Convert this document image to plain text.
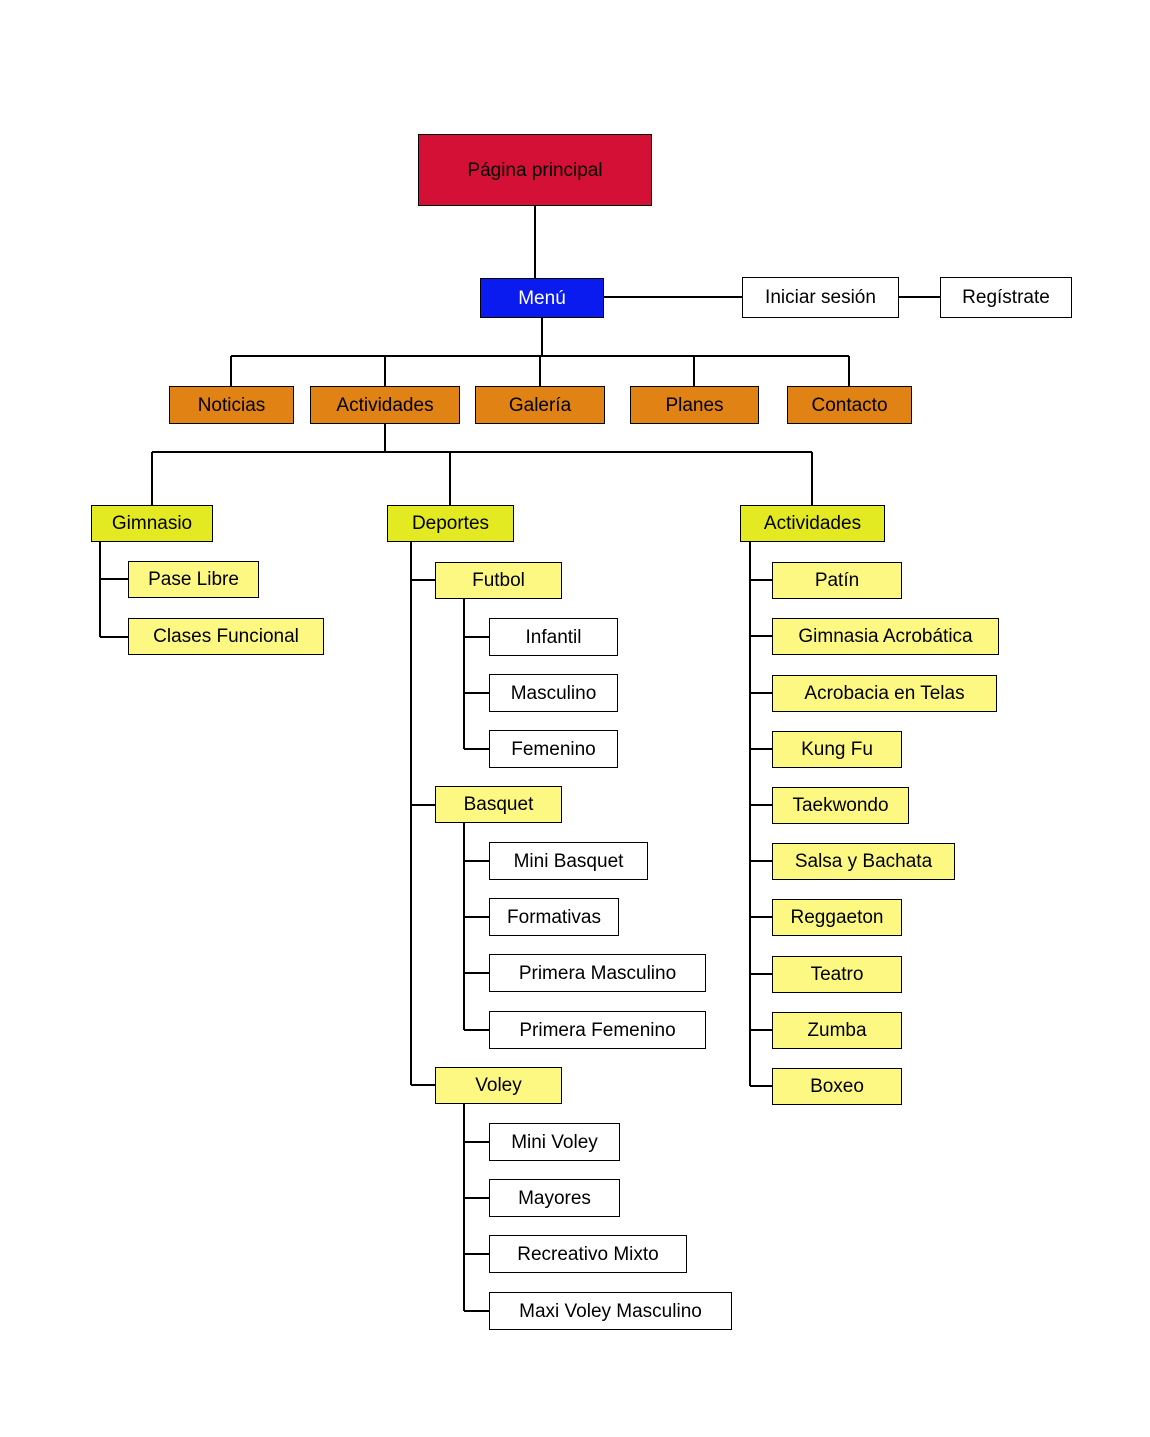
Página principal
Menú	Iniciar sesión	Regístrate
Noticias	Actividades	Galería	Planes	Contacto
Gimnasio	Deportes	Actividades
Pase Libre
Clases Funcional
Futbol
Infantil
Masculino
Femenino
Basquet
Mini Basquet
Formativas
Primera Masculino
Primera Femenino
Voley
Mini Voley
Mayores
Recreativo Mixto
Maxi Voley Masculino
Patín
Gimnasia Acrobática
Acrobacia en Telas
Kung Fu
Taekwondo
Salsa y Bachata
Reggaeton
Teatro
Zumba
Boxeo
